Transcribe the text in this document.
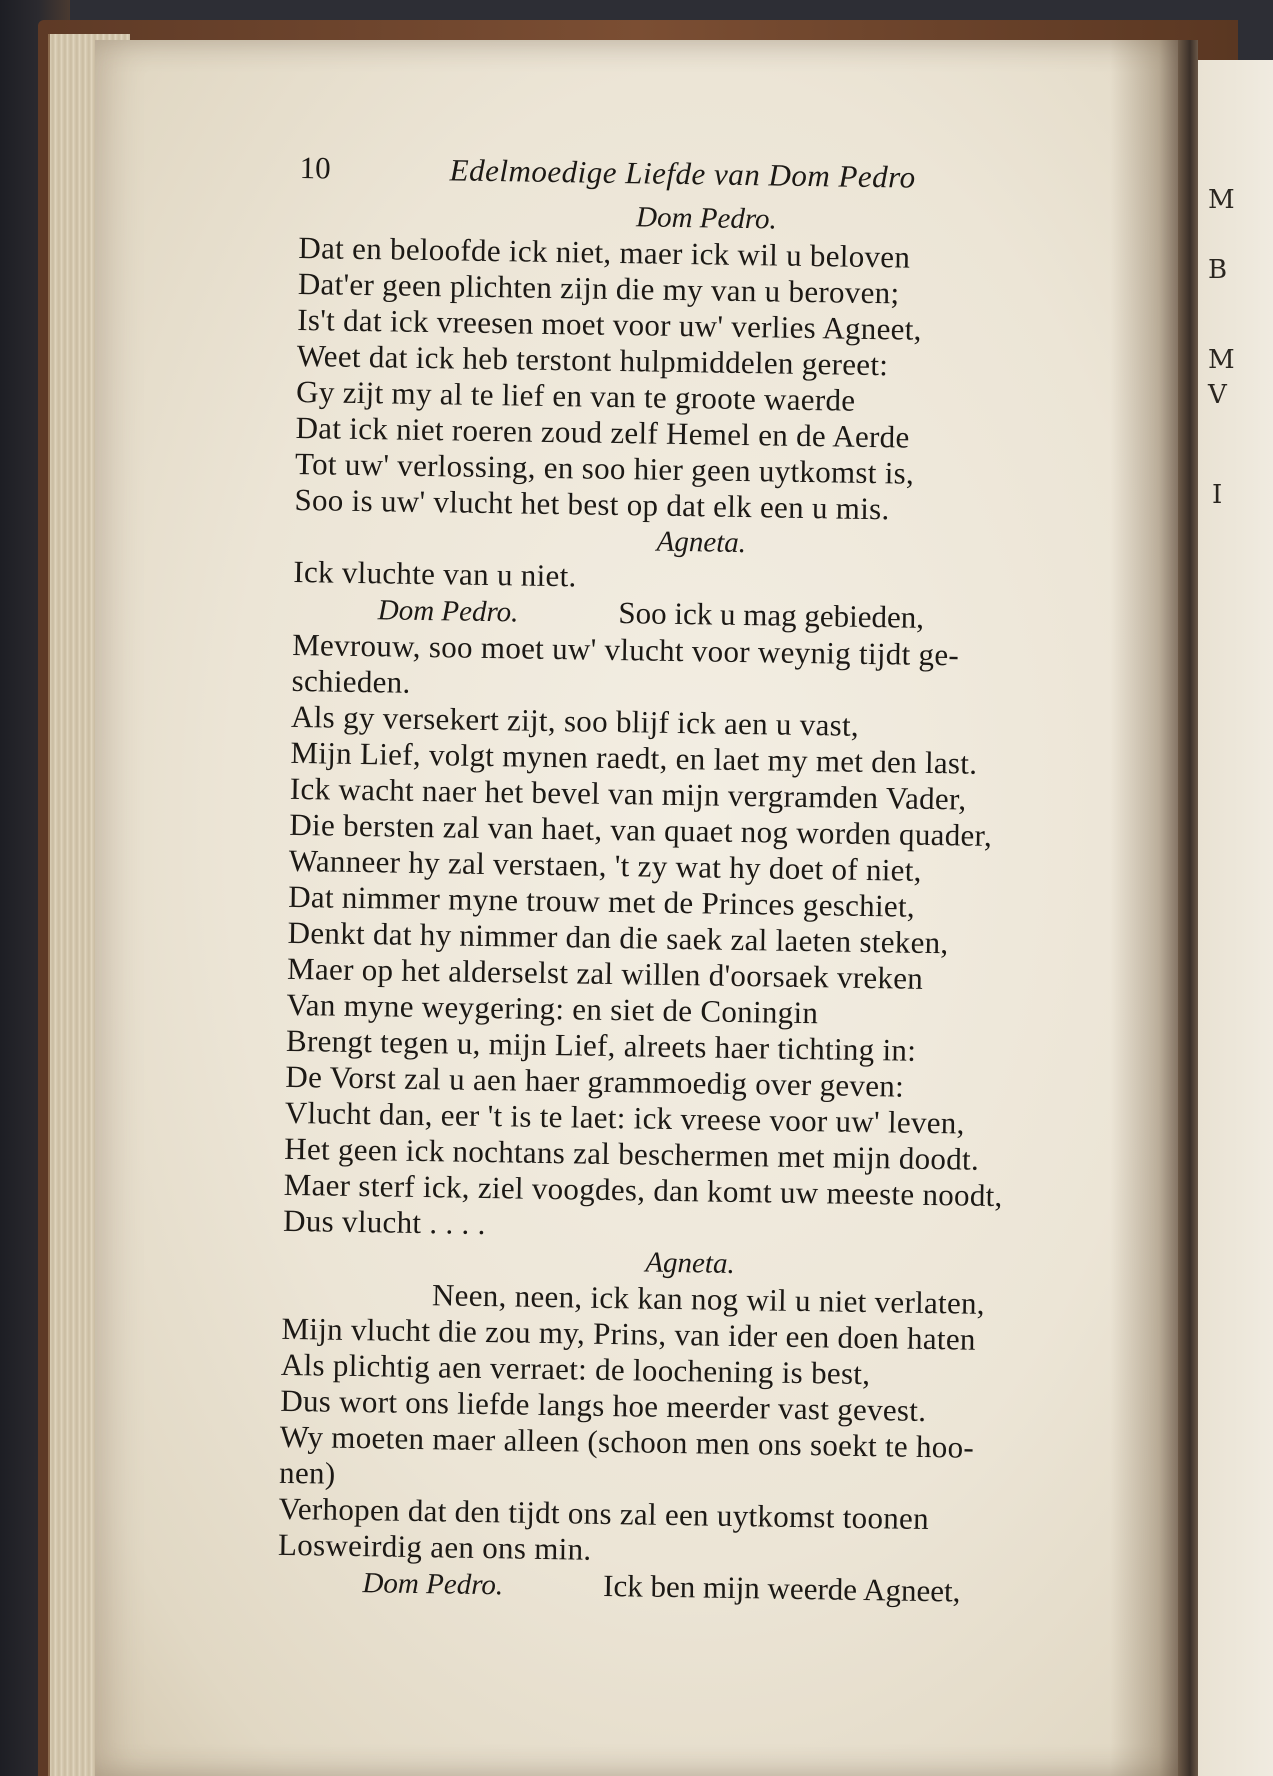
M
B
M
V
I
10	Edelmoedige Liefde van Dom Pedro
Dom Pedro.
Dat en beloofde ick niet, maer ick wil u beloven
Dat'er geen plichten zijn die my van u beroven;
Is't dat ick vreesen moet voor uw' verlies Agneet,
Weet dat ick heb terstont hulpmiddelen gereet:
Gy zijt my al te lief en van te groote waerde
Dat ick niet roeren zoud zelf Hemel en de Aerde
Tot uw' verlossing, en soo hier geen uytkomst is,
Soo is uw' vlucht het best op dat elk een u mis.
Agneta.
Ick vluchte van u niet.
Dom Pedro.	Soo ick u mag gebieden,
Mevrouw, soo moet uw' vlucht voor weynig tijdt ge-
schieden.
Als gy versekert zijt, soo blijf ick aen u vast,
Mijn Lief, volgt mynen raedt, en laet my met den last.
Ick wacht naer het bevel van mijn vergramden Vader,
Die bersten zal van haet, van quaet nog worden quader,
Wanneer hy zal verstaen, 't zy wat hy doet of niet,
Dat nimmer myne trouw met de Princes geschiet,
Denkt dat hy nimmer dan die saek zal laeten steken,
Maer op het alderselst zal willen d'oorsaek vreken
Van myne weygering: en siet de Coningin
Brengt tegen u, mijn Lief, alreets haer tichting in:
De Vorst zal u aen haer grammoedig over geven:
Vlucht dan, eer 't is te laet: ick vreese voor uw' leven,
Het geen ick nochtans zal beschermen met mijn doodt.
Maer sterf ick, ziel voogdes, dan komt uw meeste noodt,
Dus vlucht . . . .
Agneta.
Neen, neen, ick kan nog wil u niet verlaten,
Mijn vlucht die zou my, Prins, van ider een doen haten
Als plichtig aen verraet: de loochening is best,
Dus wort ons liefde langs hoe meerder vast gevest.
Wy moeten maer alleen (schoon men ons soekt te hoo-
nen)
Verhopen dat den tijdt ons zal een uytkomst toonen
Losweirdig aen ons min.
Dom Pedro.	Ick ben mijn weerde Agneet,
